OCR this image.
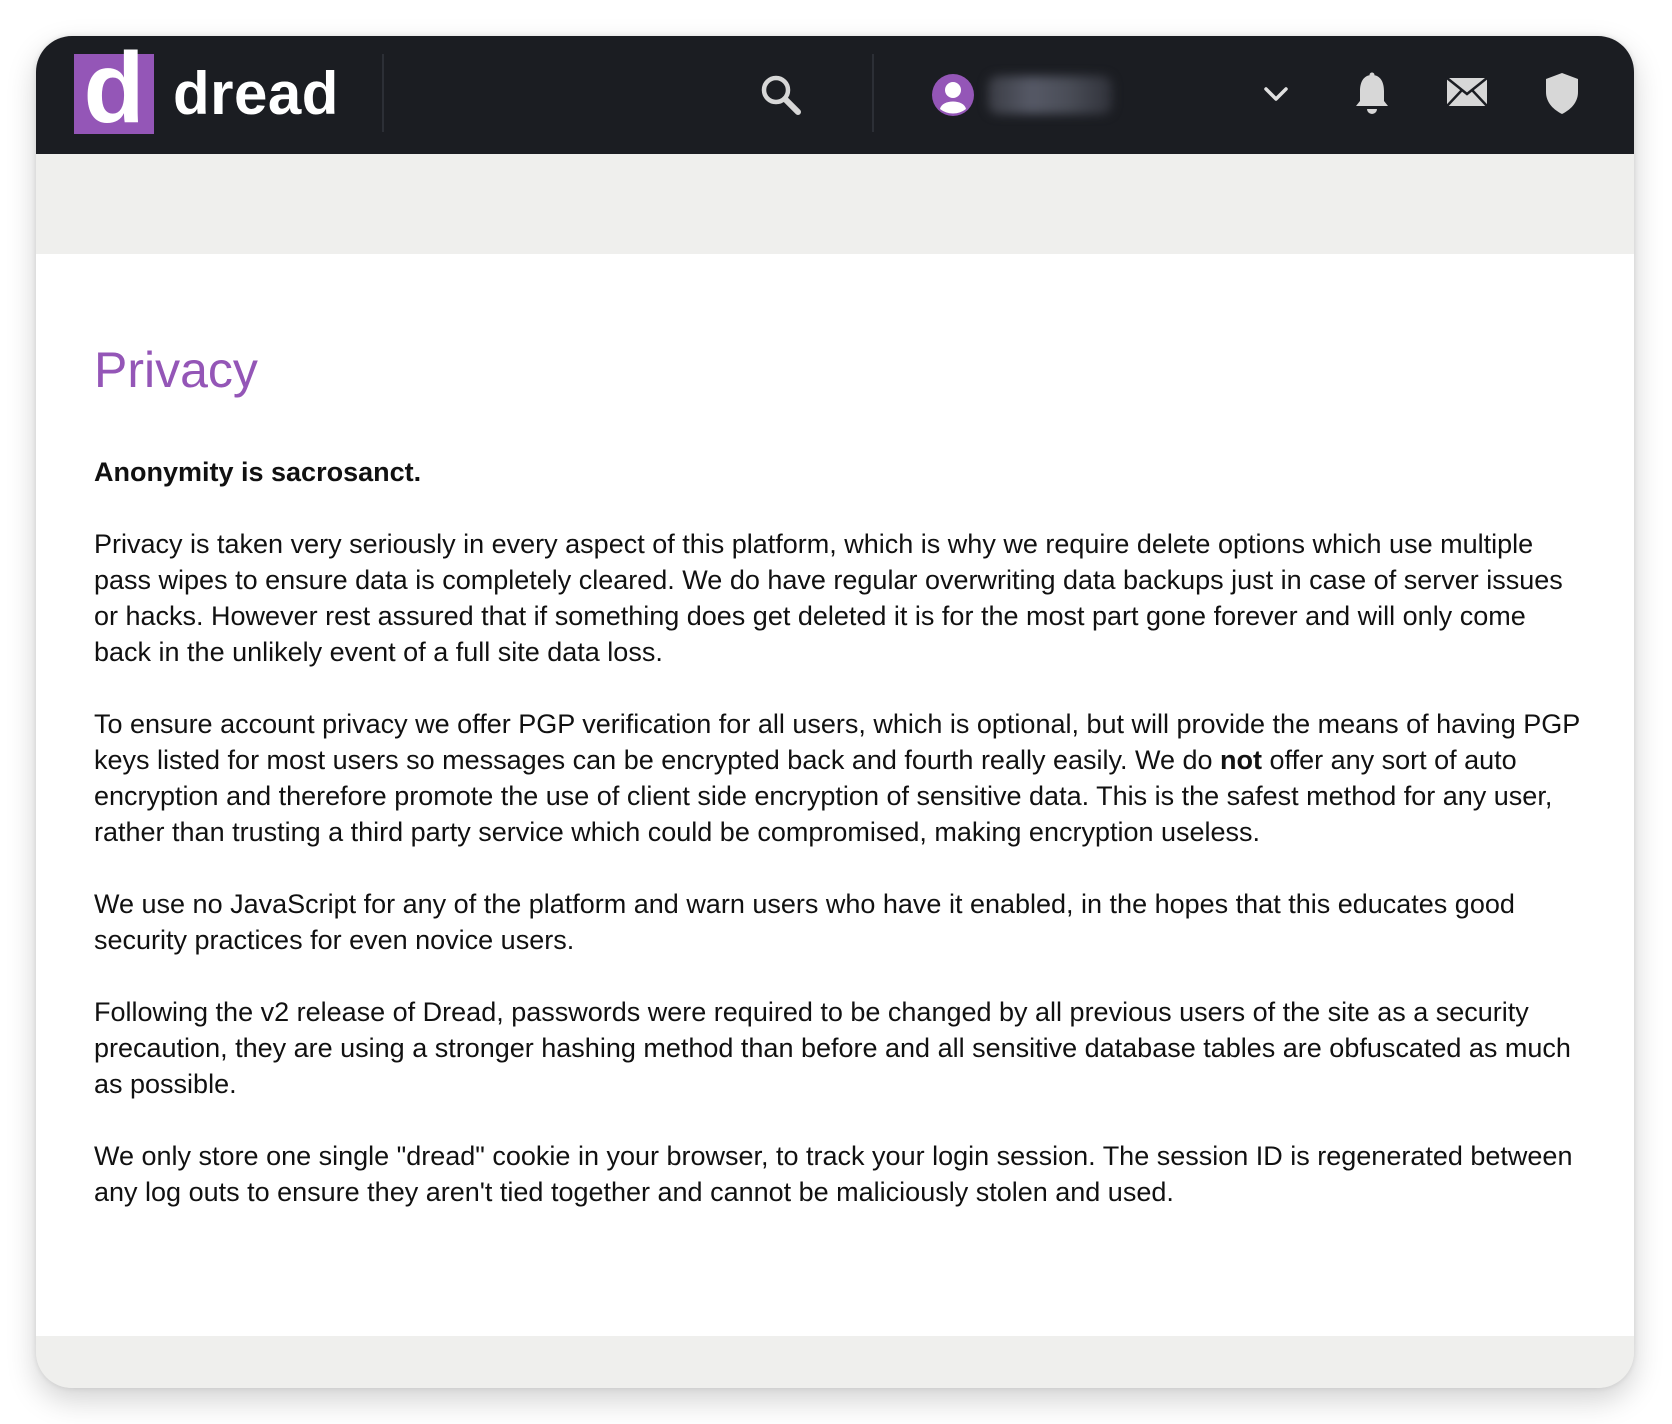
d dread
Privacy

Anonymity is sacrosanct.

Privacy is taken very seriously in every aspect of this platform, which is why we require delete options which use multiple pass wipes to ensure data is completely cleared. We do have regular overwriting data backups just in case of server issues or hacks. However rest assured that if something does get deleted it is for the most part gone forever and will only come back in the unlikely event of a full site data loss.

To ensure account privacy we offer PGP verification for all users, which is optional, but will provide the means of having PGP keys listed for most users so messages can be encrypted back and fourth really easily. We do not offer any sort of auto encryption and therefore promote the use of client side encryption of sensitive data. This is the safest method for any user, rather than trusting a third party service which could be compromised, making encryption useless.

We use no JavaScript for any of the platform and warn users who have it enabled, in the hopes that this educates good security practices for even novice users.

Following the v2 release of Dread, passwords were required to be changed by all previous users of the site as a security precaution, they are using a stronger hashing method than before and all sensitive database tables are obfuscated as much as possible.

We only store one single "dread" cookie in your browser, to track your login session. The session ID is regenerated between any log outs to ensure they aren't tied together and cannot be maliciously stolen and used.
